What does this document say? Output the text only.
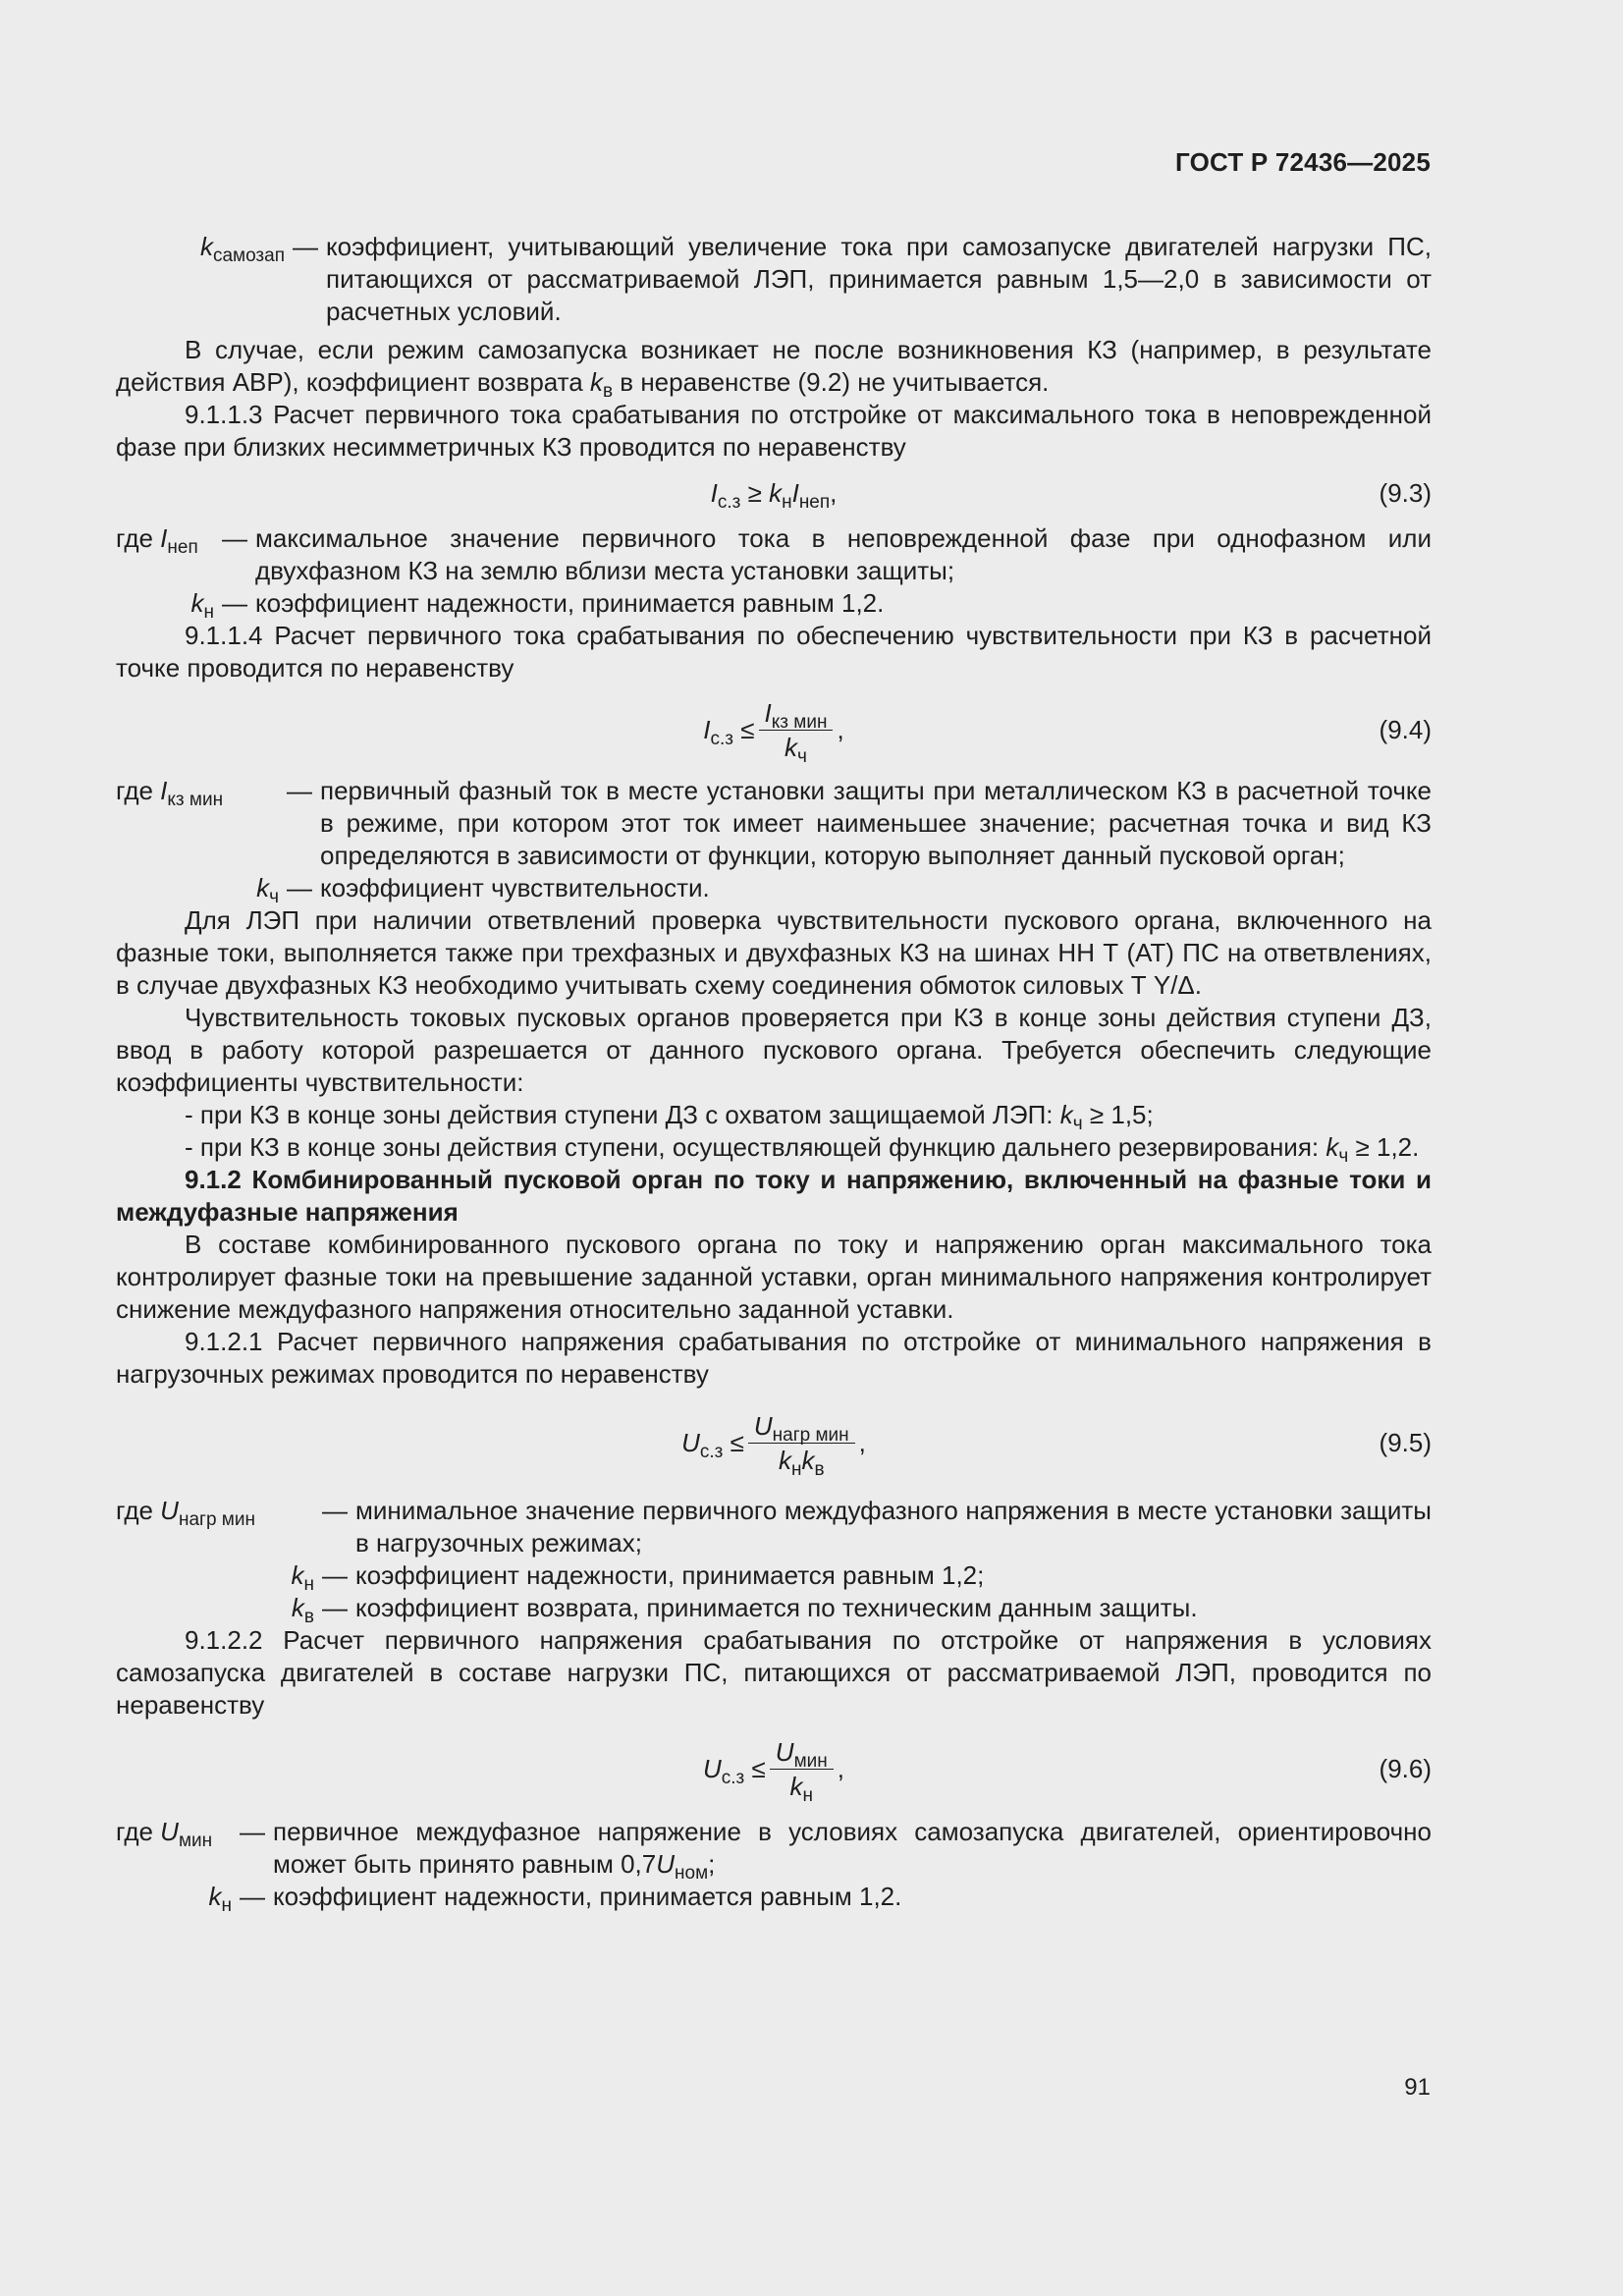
ГОСТ Р 72436—2025
$k_{самозап}$ — коэффициент, учитывающий увеличение тока при самозапуске двигателей нагрузки ПС, питающихся от рассматриваемой ЛЭП, принимается равным 1,5—2,0 в зависимости от расчетных условий.

В случае, если режим самозапуска возникает не после возникновения КЗ (например, в результате действия АВР), коэффициент возврата $k_в$ в неравенстве (9.2) не учитывается.

9.1.1.3 Расчет первичного тока срабатывания по отстройке от максимального тока в неповрежденной фазе при близких несимметричных КЗ проводится по неравенству

$I_{с.з} \ge k_нI_{неп}$,	(9.3)
где $I_{неп}$ — максимальное значение первичного тока в неповрежденной фазе при однофазном или двухфазном КЗ на землю вблизи места установки защиты;
$k_н$ — коэффициент надежности, принимается равным 1,2.

9.1.1.4 Расчет первичного тока срабатывания по обеспечению чувствительности при КЗ в расчетной точке проводится по неравенству

$I_{с.з} \le \frac{I_{кз мин}}{k_ч}$ ,	(9.4)
где $I_{кз мин}$	— первичный фазный ток в месте установки защиты при металлическом КЗ в расчетной точке в режиме, при котором этот ток имеет наименьшее значение; расчетная точка и вид КЗ определяются в зависимости от функции, которую выполняет данный пусковой орган;
$k_ч$ — коэффициент чувствительности.

Для ЛЭП при наличии ответвлений проверка чувствительности пускового органа, включенного на фазные токи, выполняется также при трехфазных и двухфазных КЗ на шинах НН Т (АТ) ПС на ответвлениях, в случае двухфазных КЗ необходимо учитывать схему соединения обмоток силовых Т Y/Δ.

Чувствительность токовых пусковых органов проверяется при КЗ в конце зоны действия ступени ДЗ, ввод в работу которой разрешается от данного пускового органа. Требуется обеспечить следующие коэффициенты чувствительности:

- при КЗ в конце зоны действия ступени ДЗ с охватом защищаемой ЛЭП: $k_ч \ge 1,5$;

- при КЗ в конце зоны действия ступени, осуществляющей функцию дальнего резервирования: $k_ч \ge 1,2$.

9.1.2 Комбинированный пусковой орган по току и напряжению, включенный на фазные токи и междуфазные напряжения

В составе комбинированного пускового органа по току и напряжению орган максимального тока контролирует фазные токи на превышение заданной уставки, орган минимального напряжения контролирует снижение междуфазного напряжения относительно заданной уставки.

9.1.2.1 Расчет первичного напряжения срабатывания по отстройке от минимального напряжения в нагрузочных режимах проводится по неравенству

$U_{с.з} \le \frac{U_{нагр мин}}{k_нk_в}$ ,	(9.5)
где $U_{нагр мин}$	— минимальное значение первичного междуфазного напряжения в месте установки защиты в нагрузочных режимах;
$k_н$ — коэффициент надежности, принимается равным 1,2;
$k_в$ — коэффициент возврата, принимается по техническим данным защиты.

9.1.2.2 Расчет первичного напряжения срабатывания по отстройке от напряжения в условиях самозапуска двигателей в составе нагрузки ПС, питающихся от рассматриваемой ЛЭП, проводится по неравенству

$U_{с.з} \le \frac{U_{мин}}{k_н}$ ,	(9.6)
где $U_{мин}$	— первичное междуфазное напряжение в условиях самозапуска двигателей, ориентировочно может быть принято равным $0,7U_{ном}$;
$k_н$ — коэффициент надежности, принимается равным 1,2.
91
